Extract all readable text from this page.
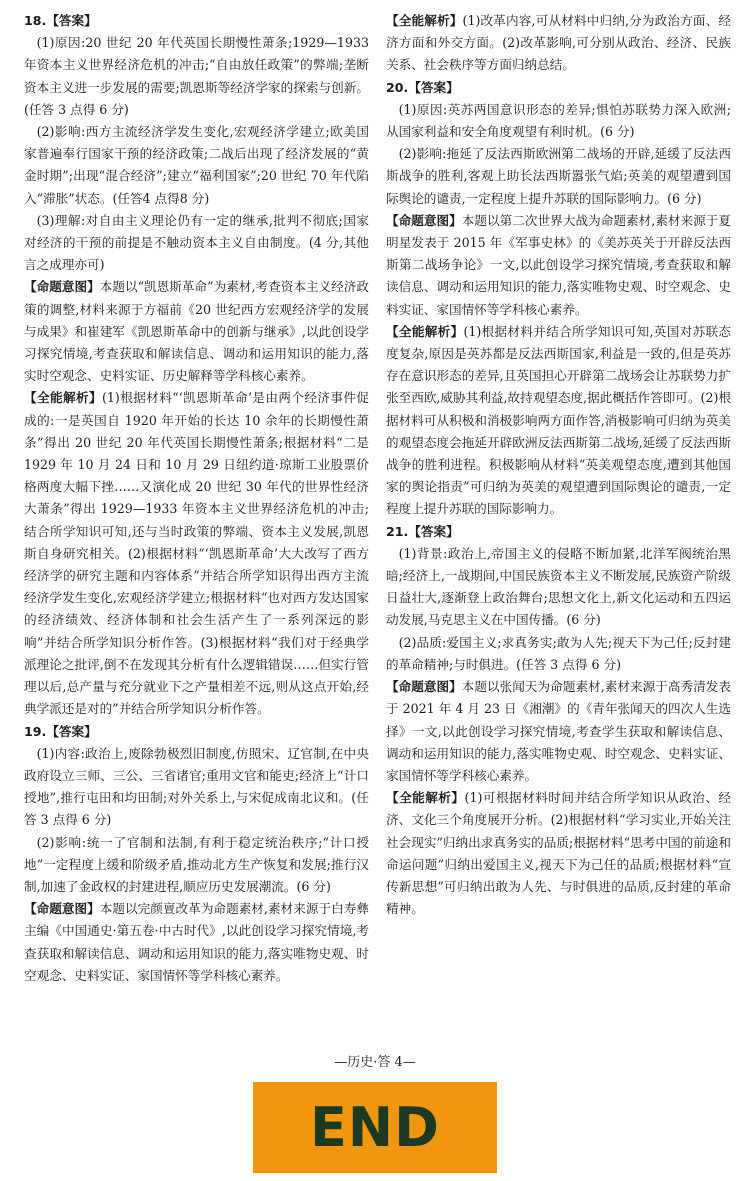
18. 【答案】

(1)原因:20 世纪 20 年代英国长期慢性萧条;1929—1933 年资本主义世界经济危机的冲击;“自由放任政策”的弊端;垄断资本主义进一步发展的需要;凯恩斯等经济学家的探索与创新。(任答 3 点得 6 分)

(2)影响:西方主流经济学发生变化,宏观经济学建立;欧美国家普遍奉行国家干预的经济政策;二战后出现了经济发展的“黄金时期”;出现“混合经济”;建立“福利国家”;20 世纪 70 年代陷入“滞胀”状态。(任答4 点得8 分)

(3)理解:对自由主义理论仍有一定的继承,批判不彻底;国家对经济的干预的前提是不触动资本主义自由制度。(4 分,其他言之成理亦可)

【命题意图】本题以“凯恩斯革命”为素材,考查资本主义经济政策的调整,材料来源于方福前《20 世纪西方宏观经济学的发展与成果》和崔建军《凯恩斯革命中的创新与继承》,以此创设学习探究情境,考查获取和解读信息、调动和运用知识的能力,落实时空观念、史料实证、历史解释等学科核心素养。

【全能解析】(1)根据材料“‘凯恩斯革命’是由两个经济事件促成的:一是英国自 1920 年开始的长达 10 余年的长期慢性萧条”得出 20 世纪 20 年代英国长期慢性萧条;根据材料“二是 1929 年 10 月 24 日和 10 月 29 日纽约道·琼斯工业股票价格两度大幅下挫……又演化成 20 世纪 30 年代的世界性经济大萧条”得出 1929—1933 年资本主义世界经济危机的冲击;结合所学知识可知,还与当时政策的弊端、资本主义发展,凯恩斯自身研究相关。(2)根据材料“‘凯恩斯革命’大大改写了西方经济学的研究主题和内容体系”并结合所学知识得出西方主流经济学发生变化,宏观经济学建立;根据材料“也对西方发达国家的经济绩效、经济体制和社会生活产生了一系列深远的影响”并结合所学知识分析作答。(3)根据材料“我们对于经典学派理论之批评,倒不在发现其分析有什么逻辑错误……但实行管理以后,总产量与充分就业下之产量相差不远,则从这点开始,经典学派还是对的”并结合所学知识分析作答。

19. 【答案】

(1)内容:政治上,废除勃极烈旧制度,仿照宋、辽官制,在中央政府设立三师、三公、三省诸官;重用文官和能吏;经济上“计口授地”,推行屯田和均田制;对外关系上,与宋促成南北议和。(任答 3 点得 6 分)

(2)影响:统一了官制和法制,有利于稳定统治秩序;“计口授地”一定程度上缓和阶级矛盾,推动北方生产恢复和发展;推行汉制,加速了金政权的封建进程,顺应历史发展潮流。(6 分)

【命题意图】本题以完颜亶改革为命题素材,素材来源于白寿彝主编《中国通史·第五卷·中古时代》,以此创设学习探究情境,考查获取和解读信息、调动和运用知识的能力,落实唯物史观、时空观念、史料实证、家国情怀等学科核心素养。

【全能解析】(1)改革内容,可从材料中归纳,分为政治方面、经济方面和外交方面。(2)改革影响,可分别从政治、经济、民族关系、社会秩序等方面归纳总结。

20. 【答案】

(1)原因:英苏两国意识形态的差异;惧怕苏联势力深入欧洲;从国家利益和安全角度观望有利时机。(6 分)

(2)影响:拖延了反法西斯欧洲第二战场的开辟,延缓了反法西斯战争的胜利,客观上助长法西斯嚣张气焰;英美的观望遭到国际舆论的谴责,一定程度上提升苏联的国际影响力。(6 分)

【命题意图】本题以第二次世界大战为命题素材,素材来源于夏明星发表于 2015 年《军事史林》的《美苏英关于开辟反法西斯第二战场争论》一文,以此创设学习探究情境,考查获取和解读信息、调动和运用知识的能力,落实唯物史观、时空观念、史料实证、家国情怀等学科核心素养。

【全能解析】(1)根据材料并结合所学知识可知,英国对苏联态度复杂,原因是英苏都是反法西斯国家,利益是一致的,但是英苏存在意识形态的差异,且英国担心开辟第二战场会让苏联势力扩张至西欧,威胁其利益,故持观望态度,据此概括作答即可。(2)根据材料可从积极和消极影响两方面作答,消极影响可归纳为英美的观望态度会拖延开辟欧洲反法西斯第二战场,延缓了反法西斯战争的胜利进程。积极影响从材料“英美观望态度,遭到其他国家的舆论指责”可归纳为英美的观望遭到国际舆论的谴责,一定程度上提升苏联的国际影响力。

21. 【答案】

(1)背景:政治上,帝国主义的侵略不断加紧,北洋军阀统治黑暗;经济上,一战期间,中国民族资本主义不断发展,民族资产阶级日益壮大,逐渐登上政治舞台;思想文化上,新文化运动和五四运动发展,马克思主义在中国传播。(6 分)

(2)品质:爱国主义;求真务实;敢为人先;视天下为己任;反封建的革命精神;与时俱进。(任答 3 点得 6 分)

【命题意图】本题以张闻天为命题素材,素材来源于高秀清发表于 2021 年 4 月 23 日《湘潮》的《青年张闻天的四次人生选择》一文,以此创设学习探究情境,考查学生获取和解读信息、调动和运用知识的能力,落实唯物史观、时空观念、史料实证、家国情怀等学科核心素养。

【全能解析】(1)可根据材料时间并结合所学知识从政治、经济、文化三个角度展开分析。(2)根据材料“学习实业,开始关注社会现实”归纳出求真务实的品质;根据材料“思考中国的前途和命运问题”归纳出爱国主义,视天下为己任的品质;根据材料“宣传新思想”可归纳出敢为人先、与时俱进的品质,反封建的革命精神。

—历史·答 4—
END
